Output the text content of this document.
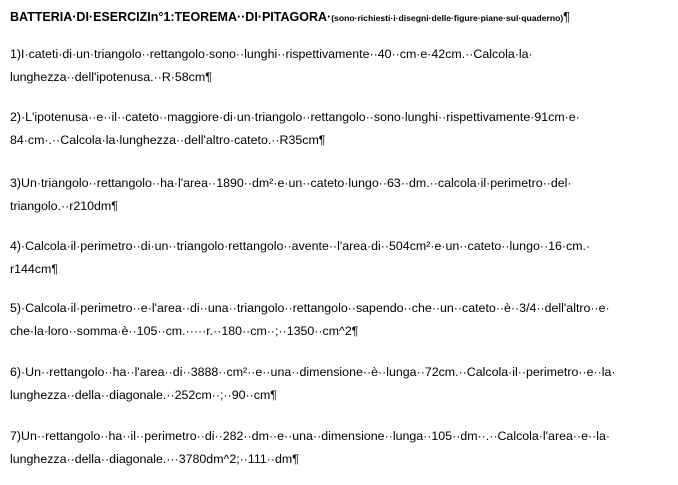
BATTERIA·DI·ESERCIZIn°1:TEOREMA··DI·PITAGORA·(sono·richiesti·i·disegni·delle·figure·piane·sul·quaderno)¶
1)I·cateti·di·un·triangolo··rettangolo·sono··lunghi··rispettivamente··40··cm·e·42cm.··Calcola·la·
lunghezza··dell'ipotenusa.··R·58cm¶
2)·L'ipotenusa··e··il··cateto··maggiore·di·un·triangolo··rettangolo··sono·lunghi··rispettivamente·91cm·e·
84·cm·.··Calcola·la·lunghezza··dell'altro·cateto.··R35cm¶
3)Un·triangolo··rettangolo··ha·l'area··1890··dm²·e·un··cateto·lungo··63··dm.··calcola·il·perimetro··del·
triangolo.··r210dm¶
4)·Calcola·il·perimetro··di·un··triangolo·rettangolo··avente··l'area·di··504cm²·e·un··cateto··lungo··16·cm.·
r144cm¶
5)·Calcola·il·perimetro··e·l'area··di··una··triangolo··rettangolo··sapendo··che··un··cateto··è··3/4··dell'altro··e·
che·la·loro··somma·è··105··cm.·····r.··180··cm··;··1350··cm^2¶
6)·Un··rettangolo··ha··l'area··di··3888··cm²··e··una··dimensione··è··lunga··72cm.··Calcola·il··perimetro··e··la·
lunghezza··della··diagonale.··252cm··;··90··cm¶
7)Un··rettangolo··ha··il··perimetro··di··282··dm··e··una··dimensione··lunga··105··dm··.··Calcola·l'area··e··la·
lunghezza··della··diagonale.···3780dm^2;··111··dm¶
